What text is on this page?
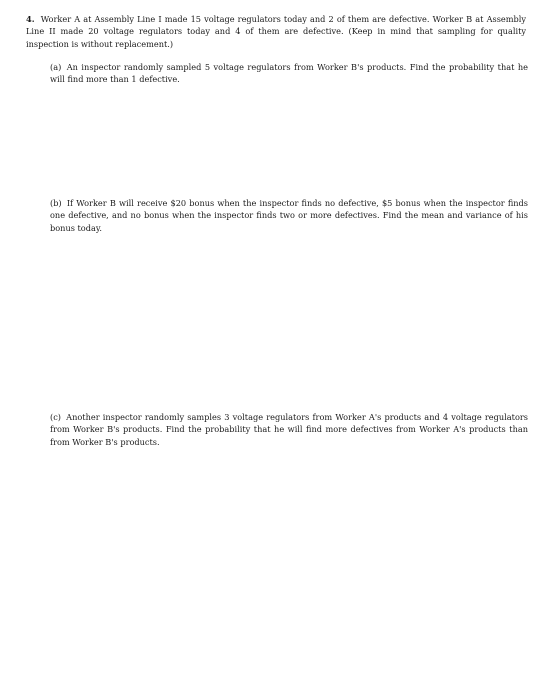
4. Worker A at Assembly Line I made 15 voltage regulators today and 2 of them are defective. Worker B at Assembly Line II made 20 voltage regulators today and 4 of them are defective. (Keep in mind that sampling for quality inspection is without replacement.)
(a) An inspector randomly sampled 5 voltage regulators from Worker B's products. Find the probability that he will find more than 1 defective.
(b) If Worker B will receive $20 bonus when the inspector finds no defective, $5 bonus when the inspector finds one defective, and no bonus when the inspector finds two or more defectives. Find the mean and variance of his bonus today.
(c) Another inspector randomly samples 3 voltage regulators from Worker A's products and 4 voltage regulators from Worker B's products. Find the probability that he will find more defectives from Worker A's products than from Worker B's products.
